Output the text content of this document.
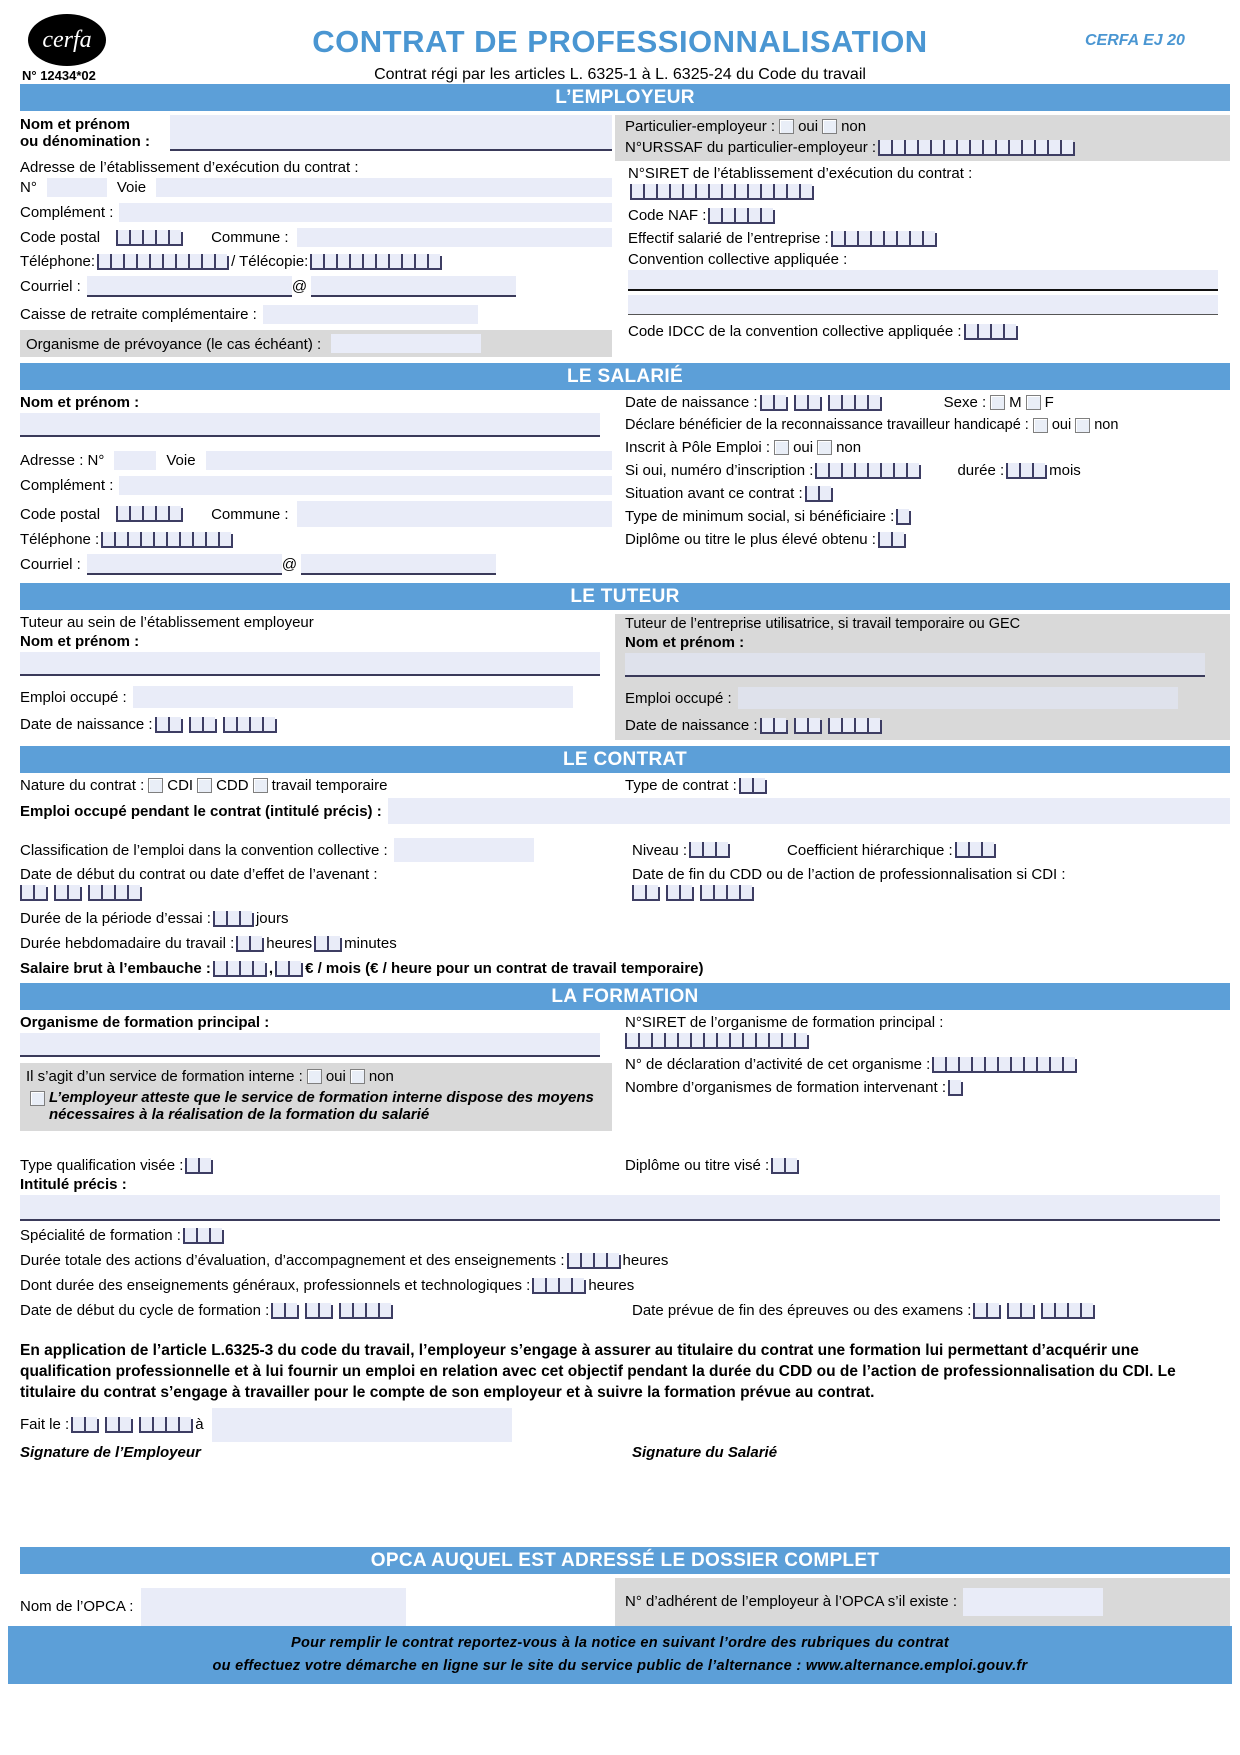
cerfa
N° 12434*02
CONTRAT DE PROFESSIONNALISATION
Contrat régi par les articles L. 6325-1 à L. 6325-24 du Code du travail
CERFA EJ 20
L’EMPLOYEUR
Nom et prénom
ou dénomination :
Adresse de l’établissement d’exécution du contrat :
N°	Voie
Complément :
Code postal	Commune :
Téléphone:	/ Télécopie:
Courriel :	@
Caisse de retraite complémentaire :
Organisme de prévoyance (le cas échéant) :
Particulier-employeur : oui non
N°URSSAF du particulier-employeur :
N°SIRET de l’établissement d’exécution du contrat :
Code NAF :
Effectif salarié de l’entreprise :
Convention collective appliquée :
Code IDCC de la convention collective appliquée :
LE SALARIÉ
Nom et prénom :
Adresse : N°	Voie
Complément :
Code postal	Commune :
Téléphone :
Courriel :	@
Date de naissance :	Sexe : M F
Déclare bénéficier de la reconnaissance travailleur handicapé : oui non
Inscrit à Pôle Emploi : oui non
Si oui, numéro d’inscription :	durée :	mois
Situation avant ce contrat :
Type de minimum social, si bénéficiaire :
Diplôme ou titre le plus élevé obtenu :
LE TUTEUR
Tuteur au sein de l’établissement employeur
Nom et prénom :
Emploi occupé :
Date de naissance :
Tuteur de l’entreprise utilisatrice, si travail temporaire ou GEC
Nom et prénom :
Emploi occupé :
Date de naissance :
LE CONTRAT
Nature du contrat : CDI CDD travail temporaire	Type de contrat :
Emploi occupé pendant le contrat (intitulé précis) :
Classification de l’emploi dans la convention collective :	Niveau :	Coefficient hiérarchique :
Date de début du contrat ou date d’effet de l’avenant :	Date de fin du CDD ou de l’action de professionnalisation si CDI :
Durée de la période d’essai :	jours
Durée hebdomadaire du travail : heures minutes
Salaire brut à l’embauche :	, € / mois (€ / heure pour un contrat de travail temporaire)
LA FORMATION
Organisme de formation principal :
Il s’agit d’un service de formation interne : oui non
L’employeur atteste que le service de formation interne dispose des moyens nécessaires à la réalisation de la formation du salarié
N°SIRET de l’organisme de formation principal :
N° de déclaration d’activité de cet organisme :
Nombre d’organismes de formation intervenant :
Type qualification visée :	Diplôme ou titre visé :
Intitulé précis :
Spécialité de formation :
Durée totale des actions d’évaluation, d’accompagnement et des enseignements :	heures
Dont durée des enseignements généraux, professionnels et technologiques :	heures
Date de début du cycle de formation :	Date prévue de fin des épreuves ou des examens :
En application de l’article L.6325-3 du code du travail, l’employeur s’engage à assurer au titulaire du contrat une formation lui permettant d’acquérir une qualification professionnelle et à lui fournir un emploi en relation avec cet objectif pendant la durée du CDD ou de l’action de professionnalisation du CDI. Le titulaire du contrat s’engage à travailler pour le compte de son employeur et à suivre la formation prévue au contrat.
Fait le :	à
Signature de l’Employeur	Signature du Salarié
OPCA AUQUEL EST ADRESSÉ LE DOSSIER COMPLET
Nom de l’OPCA :	N° d’adhérent de l’employeur à l’OPCA s’il existe :
Pour remplir le contrat reportez-vous à la notice en suivant l’ordre des rubriques du contrat
ou effectuez votre démarche en ligne sur le site du service public de l’alternance : www.alternance.emploi.gouv.fr
